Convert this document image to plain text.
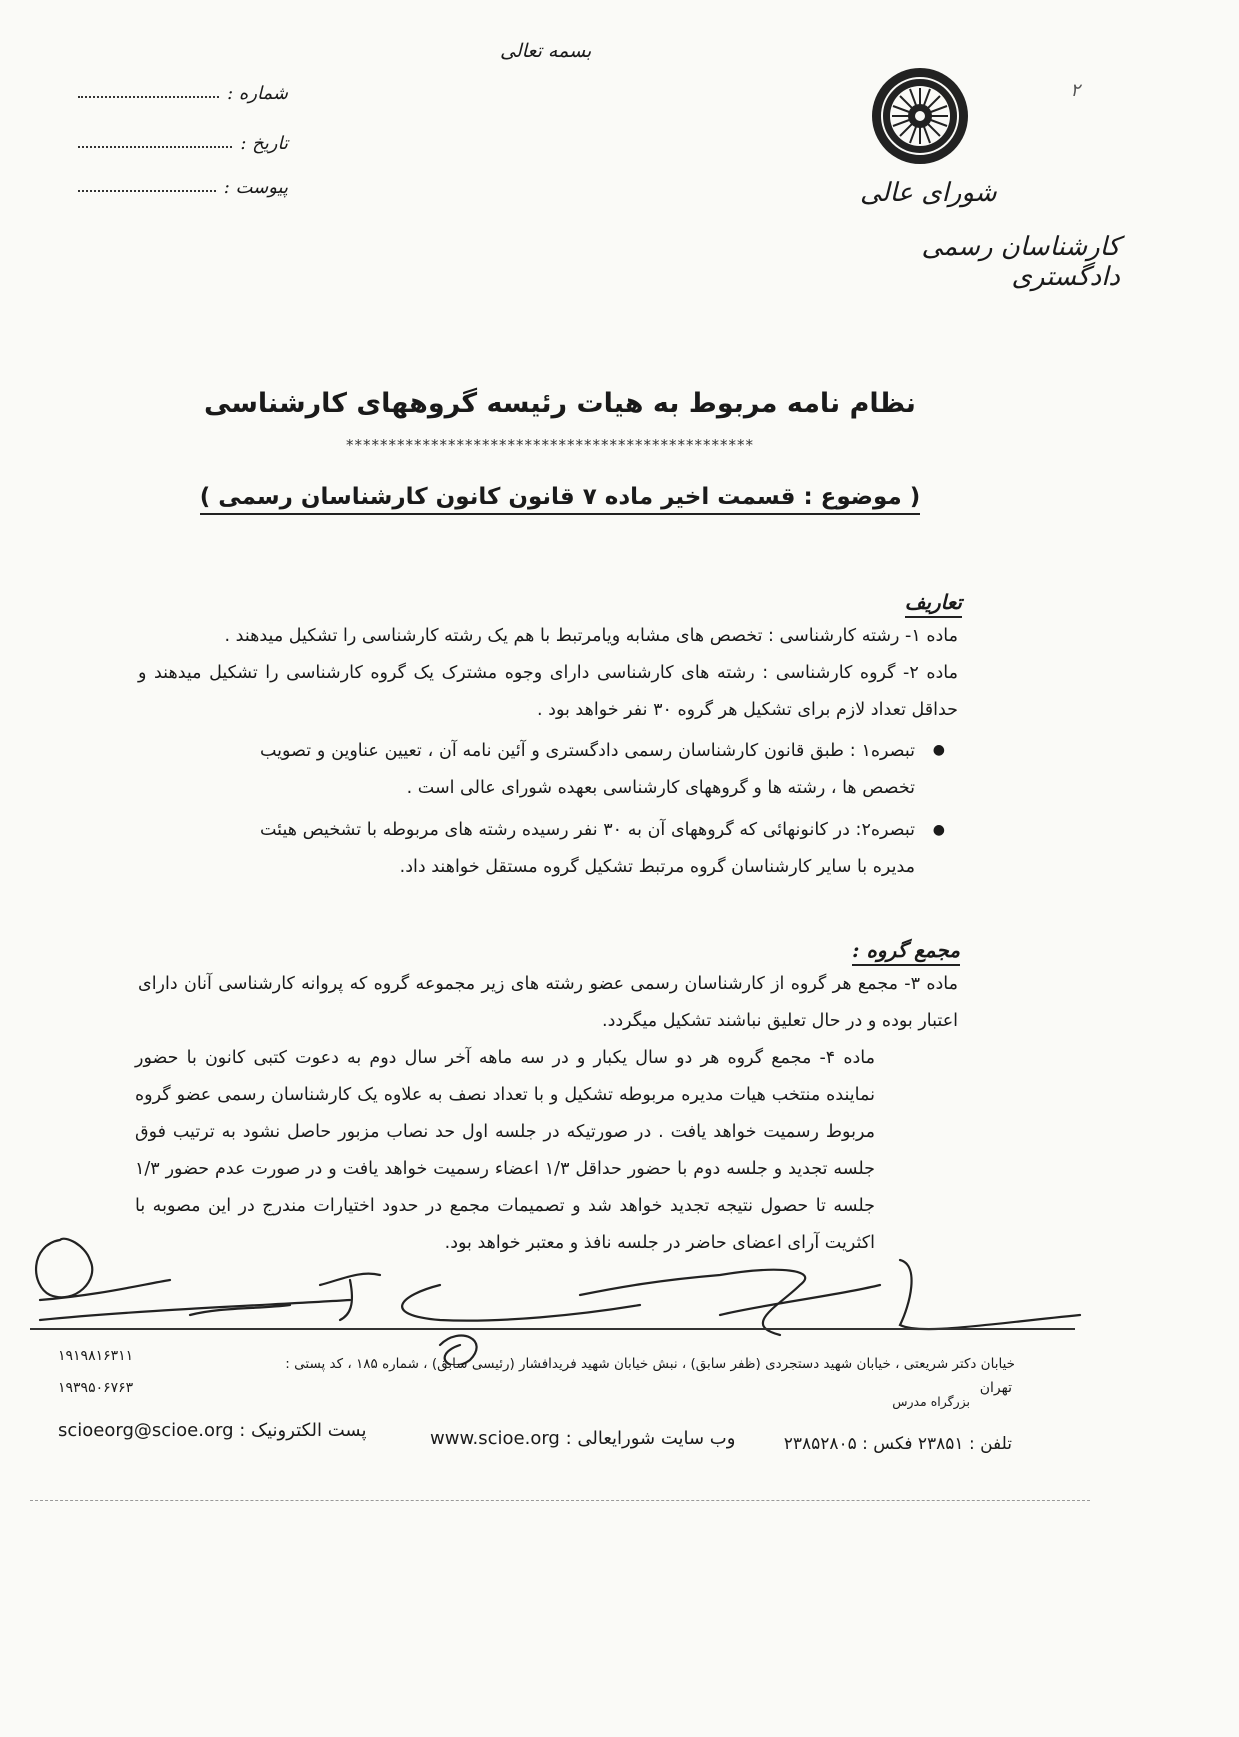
بسمه تعالی
شماره :
تاریخ :
پیوست :	شورای عالی
کارشناسان رسمی دادگستری
۲
نظام نامه مربوط به هیات رئیسه گروههای کارشناسی
************************************************
( موضوع : قسمت اخیر ماده ۷ قانون کانون کارشناسان رسمی )
تعاریف
ماده ۱- رشته کارشناسی : تخصص های مشابه ویامرتبط با هم یک رشته کارشناسی را تشکیل میدهند .
ماده ۲- گروه کارشناسی : رشته های کارشناسی دارای وجوه مشترک یک گروه کارشناسی را تشکیل میدهند و حداقل تعداد لازم برای تشکیل هر گروه ۳۰ نفر خواهد بود .
●
تبصره۱ : طبق قانون کارشناسان رسمی دادگستری و آئین نامه آن ، تعیین عناوین و تصویب تخصص ها ، رشته ها و گروههای کارشناسی بعهده شورای عالی است .
●
تبصره۲: در کانونهائی که گروههای آن به ۳۰ نفر رسیده رشته های مربوطه با تشخیص هیئت مدیره با سایر کارشناسان گروه مرتبط تشکیل گروه مستقل خواهند داد.
مجمع گروه :
ماده ۳- مجمع هر گروه از کارشناسان رسمی عضو رشته های زیر مجموعه گروه که پروانه کارشناسی آنان دارای اعتبار بوده و در حال تعلیق نباشند تشکیل میگردد.
ماده ۴- مجمع گروه هر دو سال یکبار و در سه ماهه آخر سال دوم به دعوت کتبی کانون با حضور نماینده منتخب هیات مدیره مربوطه تشکیل و با تعداد نصف به علاوه یک کارشناسان رسمی عضو گروه مربوط رسمیت خواهد یافت . در صورتیکه در جلسه اول حد نصاب مزبور حاصل نشود به ترتیب فوق جلسه تجدید و جلسه دوم با حضور حداقل ۱/۳ اعضاء رسمیت خواهد یافت و در صورت عدم حضور ۱/۳ جلسه تا حصول نتیجه تجدید خواهد شد و تصمیمات مجمع در حدود اختیارات مندرج در این مصوبه با اکثریت آرای اعضای حاضر در جلسه نافذ و معتبر خواهد بود.
۱۹۱۹۸۱۶۳۱۱
۱۹۳۹۵۰۶۷۶۳
خیابان دکتر شریعتی ، خیابان شهید دستجردی (ظفر سابق) ، نبش خیابان شهید فریدافشار (رئیسی سابق) ، شماره ۱۸۵ ، کد پستی :
تهران
بزرگراه مدرس
scioeorg@scioe.org : پست الکترونیک	www.scioe.org : وب سایت شورایعالی	تلفن : ۲۳۸۵۱ فکس : ۲۳۸۵۲۸۰۵
